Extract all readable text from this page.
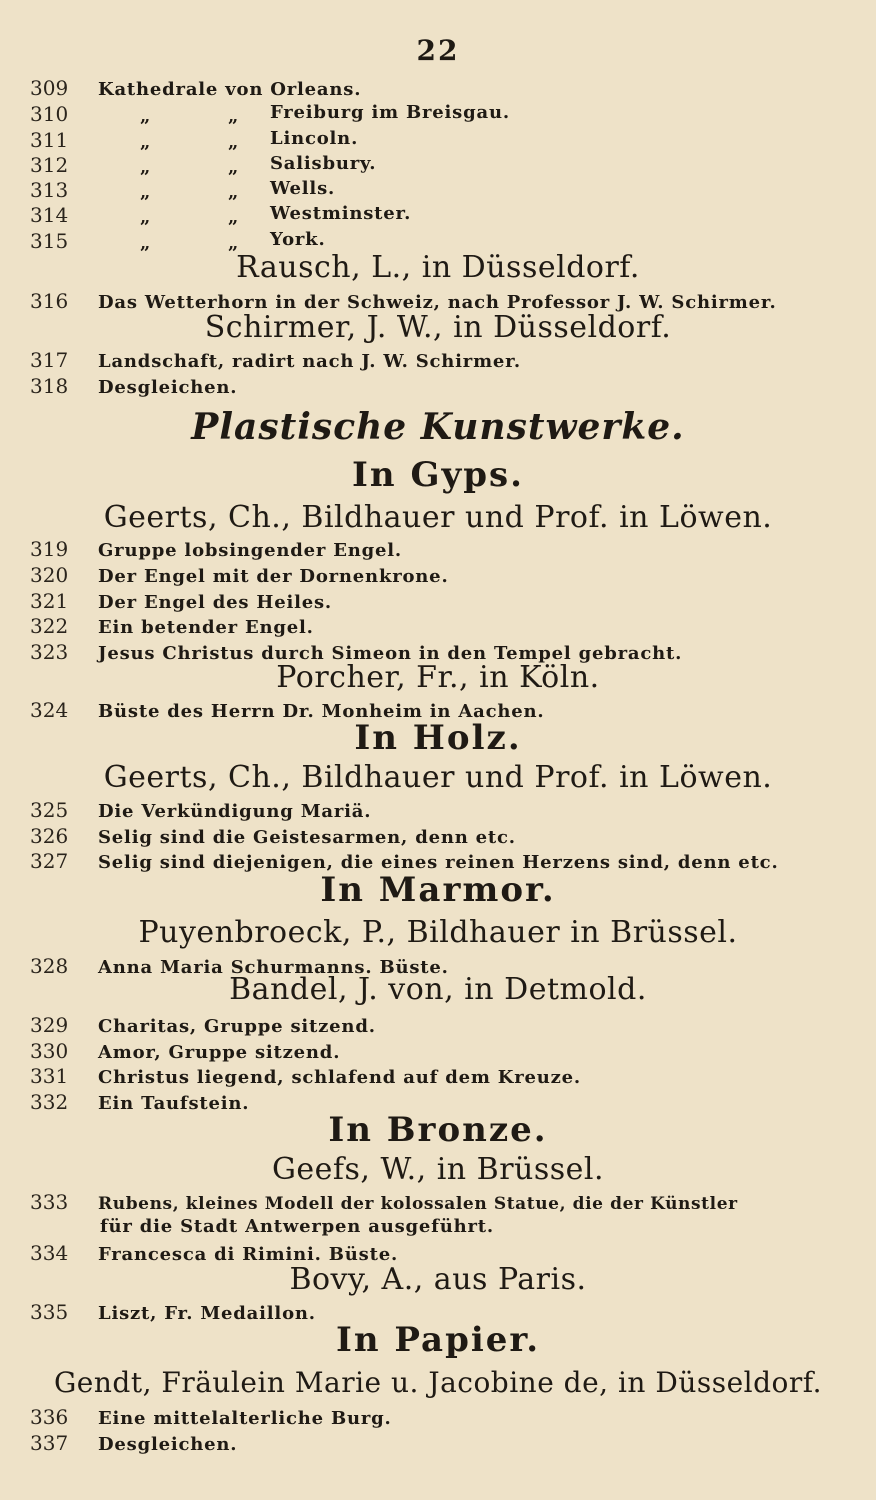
22
309	Kathedrale von Orleans.
310	„	„ Freiburg im Breisgau.
311	„	„ Lincoln.
312	„	„ Salisbury.
313	„	„ Wells.
314	„	„ Westminster.
315	„	„ York.
Rausch, L., in Düsseldorf.
316	Das Wetterhorn in der Schweiz, nach Professor J. W. Schirmer.
Schirmer, J. W., in Düsseldorf.
317	Landschaft, radirt nach J. W. Schirmer.
318	Desgleichen.
Plastische Kunstwerke.
In Gyps.
Geerts, Ch., Bildhauer und Prof. in Löwen.
319	Gruppe lobsingender Engel.
320	Der Engel mit der Dornenkrone.
321	Der Engel des Heiles.
322	Ein betender Engel.
323	Jesus Christus durch Simeon in den Tempel gebracht.
Porcher, Fr., in Köln.
324	Büste des Herrn Dr. Monheim in Aachen.
In Holz.
Geerts, Ch., Bildhauer und Prof. in Löwen.
325	Die Verkündigung Mariä.
326	Selig sind die Geistesarmen, denn etc.
327	Selig sind diejenigen, die eines reinen Herzens sind, denn etc.
In Marmor.
Puyenbroeck, P., Bildhauer in Brüssel.
328	Anna Maria Schurmanns. Büste.
Bandel, J. von, in Detmold.
329	Charitas, Gruppe sitzend.
330	Amor, Gruppe sitzend.
331	Christus liegend, schlafend auf dem Kreuze.
332	Ein Taufstein.
In Bronze.
Geefs, W., in Brüssel.
333	Rubens, kleines Modell der kolossalen Statue, die der Künstler
für die Stadt Antwerpen ausgeführt.
334	Francesca di Rimini. Büste.
Bovy, A., aus Paris.
335	Liszt, Fr. Medaillon.
In Papier.
Gendt, Fräulein Marie u. Jacobine de, in Düsseldorf.
336	Eine mittelalterliche Burg.
337	Desgleichen.
